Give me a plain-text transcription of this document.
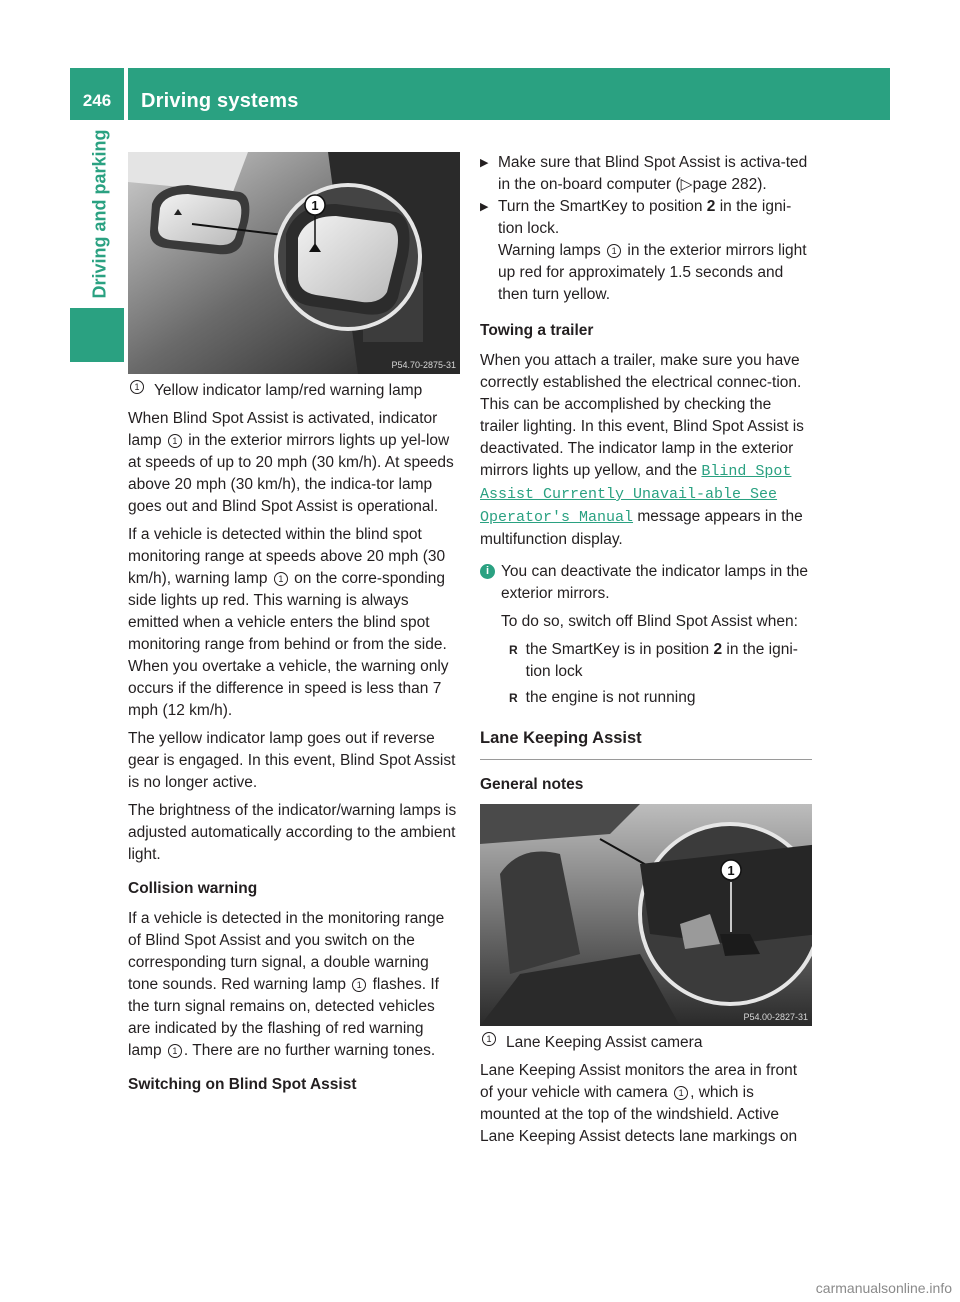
246	Driving systems
Driving and parking	1
P54.70-2875-31
1 Yellow indicator lamp/red warning lamp

When Blind Spot Assist is activated, indicator lamp 1 in the exterior mirrors lights up yel-low at speeds of up to 20 mph (30 km/h). At speeds above 20 mph (30 km/h), the indica-tor lamp goes out and Blind Spot Assist is operational.

If a vehicle is detected within the blind spot monitoring range at speeds above 20 mph (30 km/h), warning lamp 1 on the corre-sponding side lights up red. This warning is always emitted when a vehicle enters the blind spot monitoring range from behind or from the side. When you overtake a vehicle, the warning only occurs if the difference in speed is less than 7 mph (12 km/h).

The yellow indicator lamp goes out if reverse gear is engaged. In this event, Blind Spot Assist is no longer active.

The brightness of the indicator/warning lamps is adjusted automatically according to the ambient light.

Collision warning

If a vehicle is detected in the monitoring range of Blind Spot Assist and you switch on the corresponding turn signal, a double warning tone sounds. Red warning lamp 1 flashes. If the turn signal remains on, detected vehicles are indicated by the flashing of red warning lamp 1 . There are no further warning tones.

Switching on Blind Spot Assist
▶ Make sure that Blind Spot Assist is activa-ted in the on-board computer (▷page 282).
▶ Turn the SmartKey to position 2 in the igni-tion lock.
Warning lamps 1 in the exterior mirrors light up red for approximately 1.5 seconds and then turn yellow.
Towing a trailer

When you attach a trailer, make sure you have correctly established the electrical connec-tion. This can be accomplished by checking the trailer lighting. In this event, Blind Spot Assist is deactivated. The indicator lamp in the exterior mirrors lights up yellow, and the Blind Spot Assist Currently Unavail-able See Operator's Manual message appears in the multifunction display.

i You can deactivate the indicator lamps in the exterior mirrors.

To do so, switch off Blind Spot Assist when:

R the SmartKey is in position 2 in the igni-tion lock
R the engine is not running
Lane Keeping Assist
General notes
1
P54.00-2827-31
1 Lane Keeping Assist camera

Lane Keeping Assist monitors the area in front of your vehicle with camera 1 , which is mounted at the top of the windshield. Active Lane Keeping Assist detects lane markings on

carmanualsonline.info
